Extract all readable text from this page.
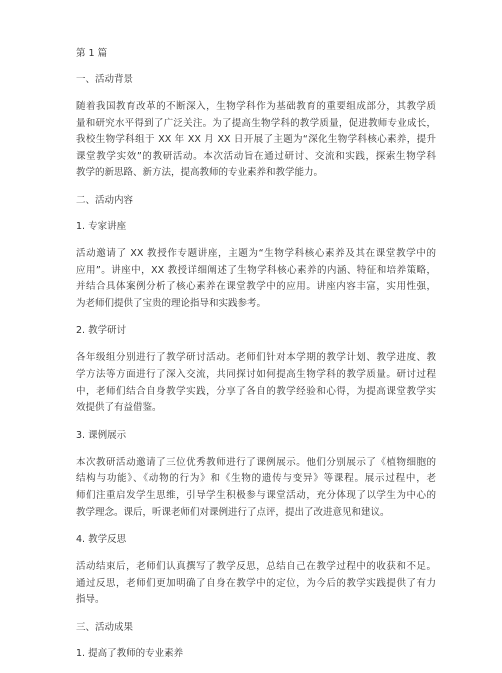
第 1 篇
一、活动背景
随着我国教育改革的不断深入，生物学科作为基础教育的重要组成部分，其教学质
量和研究水平得到了广泛关注。为了提高生物学科的教学质量，促进教师专业成长，
我校生物学科组于 XX 年 XX 月 XX 日开展了主题为“深化生物学科核心素养，提升
课堂教学实效”的教研活动。本次活动旨在通过研讨、交流和实践，探索生物学科
教学的新思路、新方法，提高教师的专业素养和教学能力。
二、活动内容
1. 专家讲座
活动邀请了 XX 教授作专题讲座，主题为“生物学科核心素养及其在课堂教学中的
应用”。讲座中，XX 教授详细阐述了生物学科核心素养的内涵、特征和培养策略，
并结合具体案例分析了核心素养在课堂教学中的应用。讲座内容丰富，实用性强，
为老师们提供了宝贵的理论指导和实践参考。
2. 教学研讨
各年级组分别进行了教学研讨活动。老师们针对本学期的教学计划、教学进度、教
学方法等方面进行了深入交流，共同探讨如何提高生物学科的教学质量。研讨过程
中，老师们结合自身教学实践，分享了各自的教学经验和心得，为提高课堂教学实
效提供了有益借鉴。
3. 课例展示
本次教研活动邀请了三位优秀教师进行了课例展示。他们分别展示了《植物细胞的
结构与功能》、《动物的行为》和《生物的遗传与变异》等课程。展示过程中，老
师们注重启发学生思维，引导学生积极参与课堂活动，充分体现了以学生为中心的
教学理念。课后，听课老师们对课例进行了点评，提出了改进意见和建议。
4. 教学反思
活动结束后，老师们认真撰写了教学反思，总结自己在教学过程中的收获和不足。
通过反思，老师们更加明确了自身在教学中的定位，为今后的教学实践提供了有力
指导。
三、活动成果
1. 提高了教师的专业素养
